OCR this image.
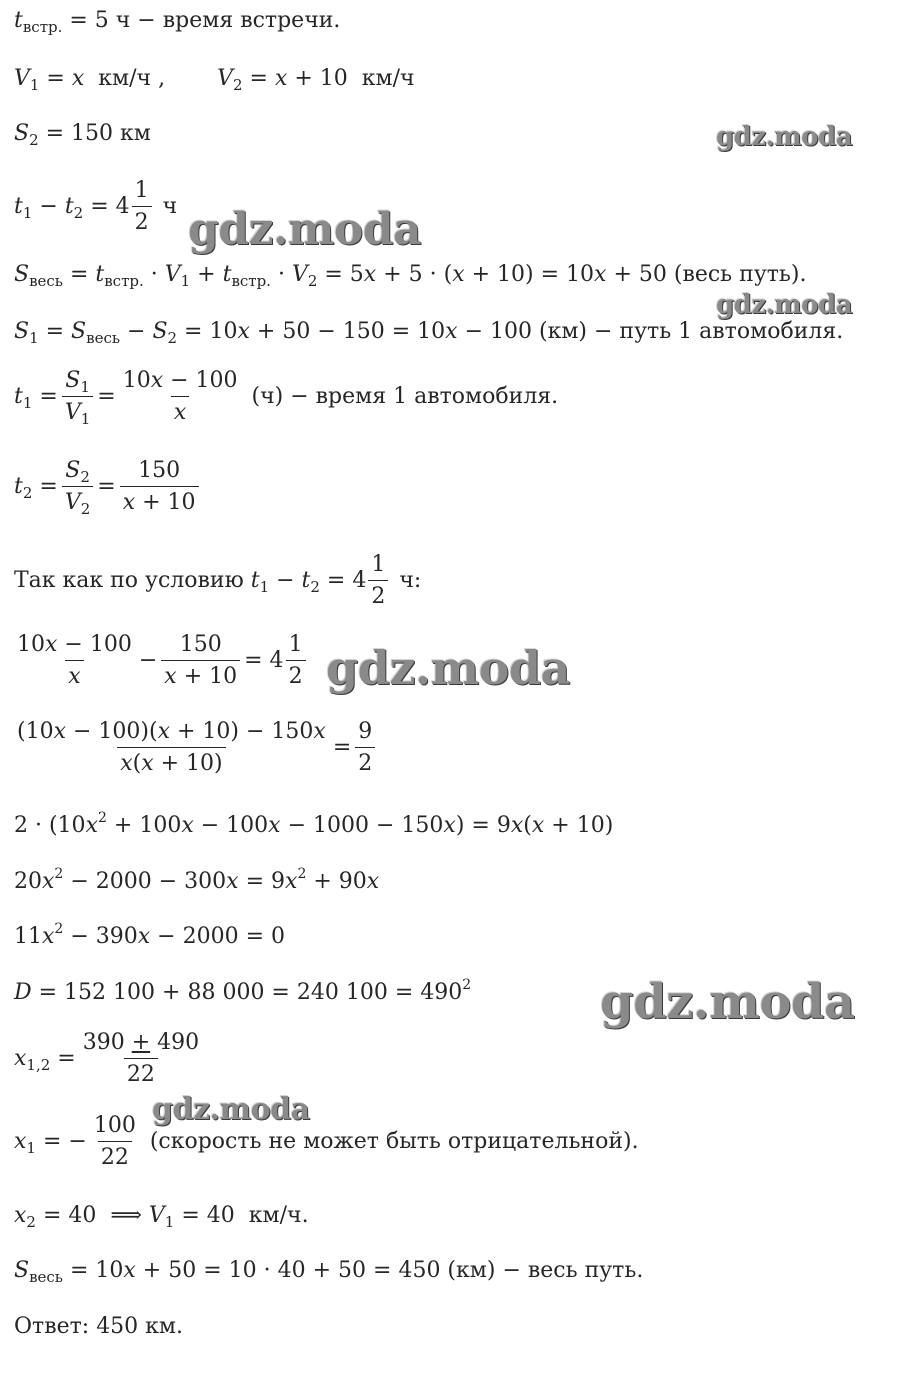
gdz.moda
gdz.moda
gdz.moda
gdz.moda
gdz.moda
gdz.moda
$t_{встр.} = 5$ ч − время встречи.
$V_1 = x$  км/ч , $V_2 = x + 10$  км/ч
$S_2 = 150$ км
$t_1 - t_2 = 4 \frac{1}{2}$ ч
$S_{весь} = t_{встр.} \cdot V_1 + t_{встр.} \cdot V_2 = 5x + 5 \cdot (x + 10) = 10x + 50$ (весь путь).
$S_1 = S_{весь} - S_2 = 10x + 50 - 150 = 10x - 100$ (км) − путь 1 автомобиля.
$t_1 = \frac{S_1}{V_1} = \frac{10x - 100}{x} (ч)$ − время 1 автомобиля.
$t_2 = \frac{S_2}{V_2} = \frac{150}{x + 10}$
Так как по условию $t_1 - t_2 = 4 \frac{1}{2} ч$:
$\frac{10x - 100}{x} - \frac{150}{x + 10} = 4 \frac{1}{2}$
$\frac{(10x - 100)(x + 10) - 150x}{x(x + 10)} = \frac{9}{2}$
$2 \cdot (10x^2 + 100x - 100x - 1000 - 150x) = 9x(x + 10)$
$20x^2 - 2000 - 300x = 9x^2 + 90x$
$11x^2 - 390x - 2000 = 0$
D = 152 100 + 88 000 = 240 $100 = 490^2$
$x_{1,2} = \frac{390 + 490}{22}$
$x_1$ = − $\frac{100}{22}$ (скорость не может быть отрицательной).
$x_2 = 40$  ⟹ $V_1 = 40$  км/ч.
$S_{весь} = 10x + 50 = 10 \cdot 40 + 50 = 450$ (км) − весь путь.
Ответ: 450 км.
